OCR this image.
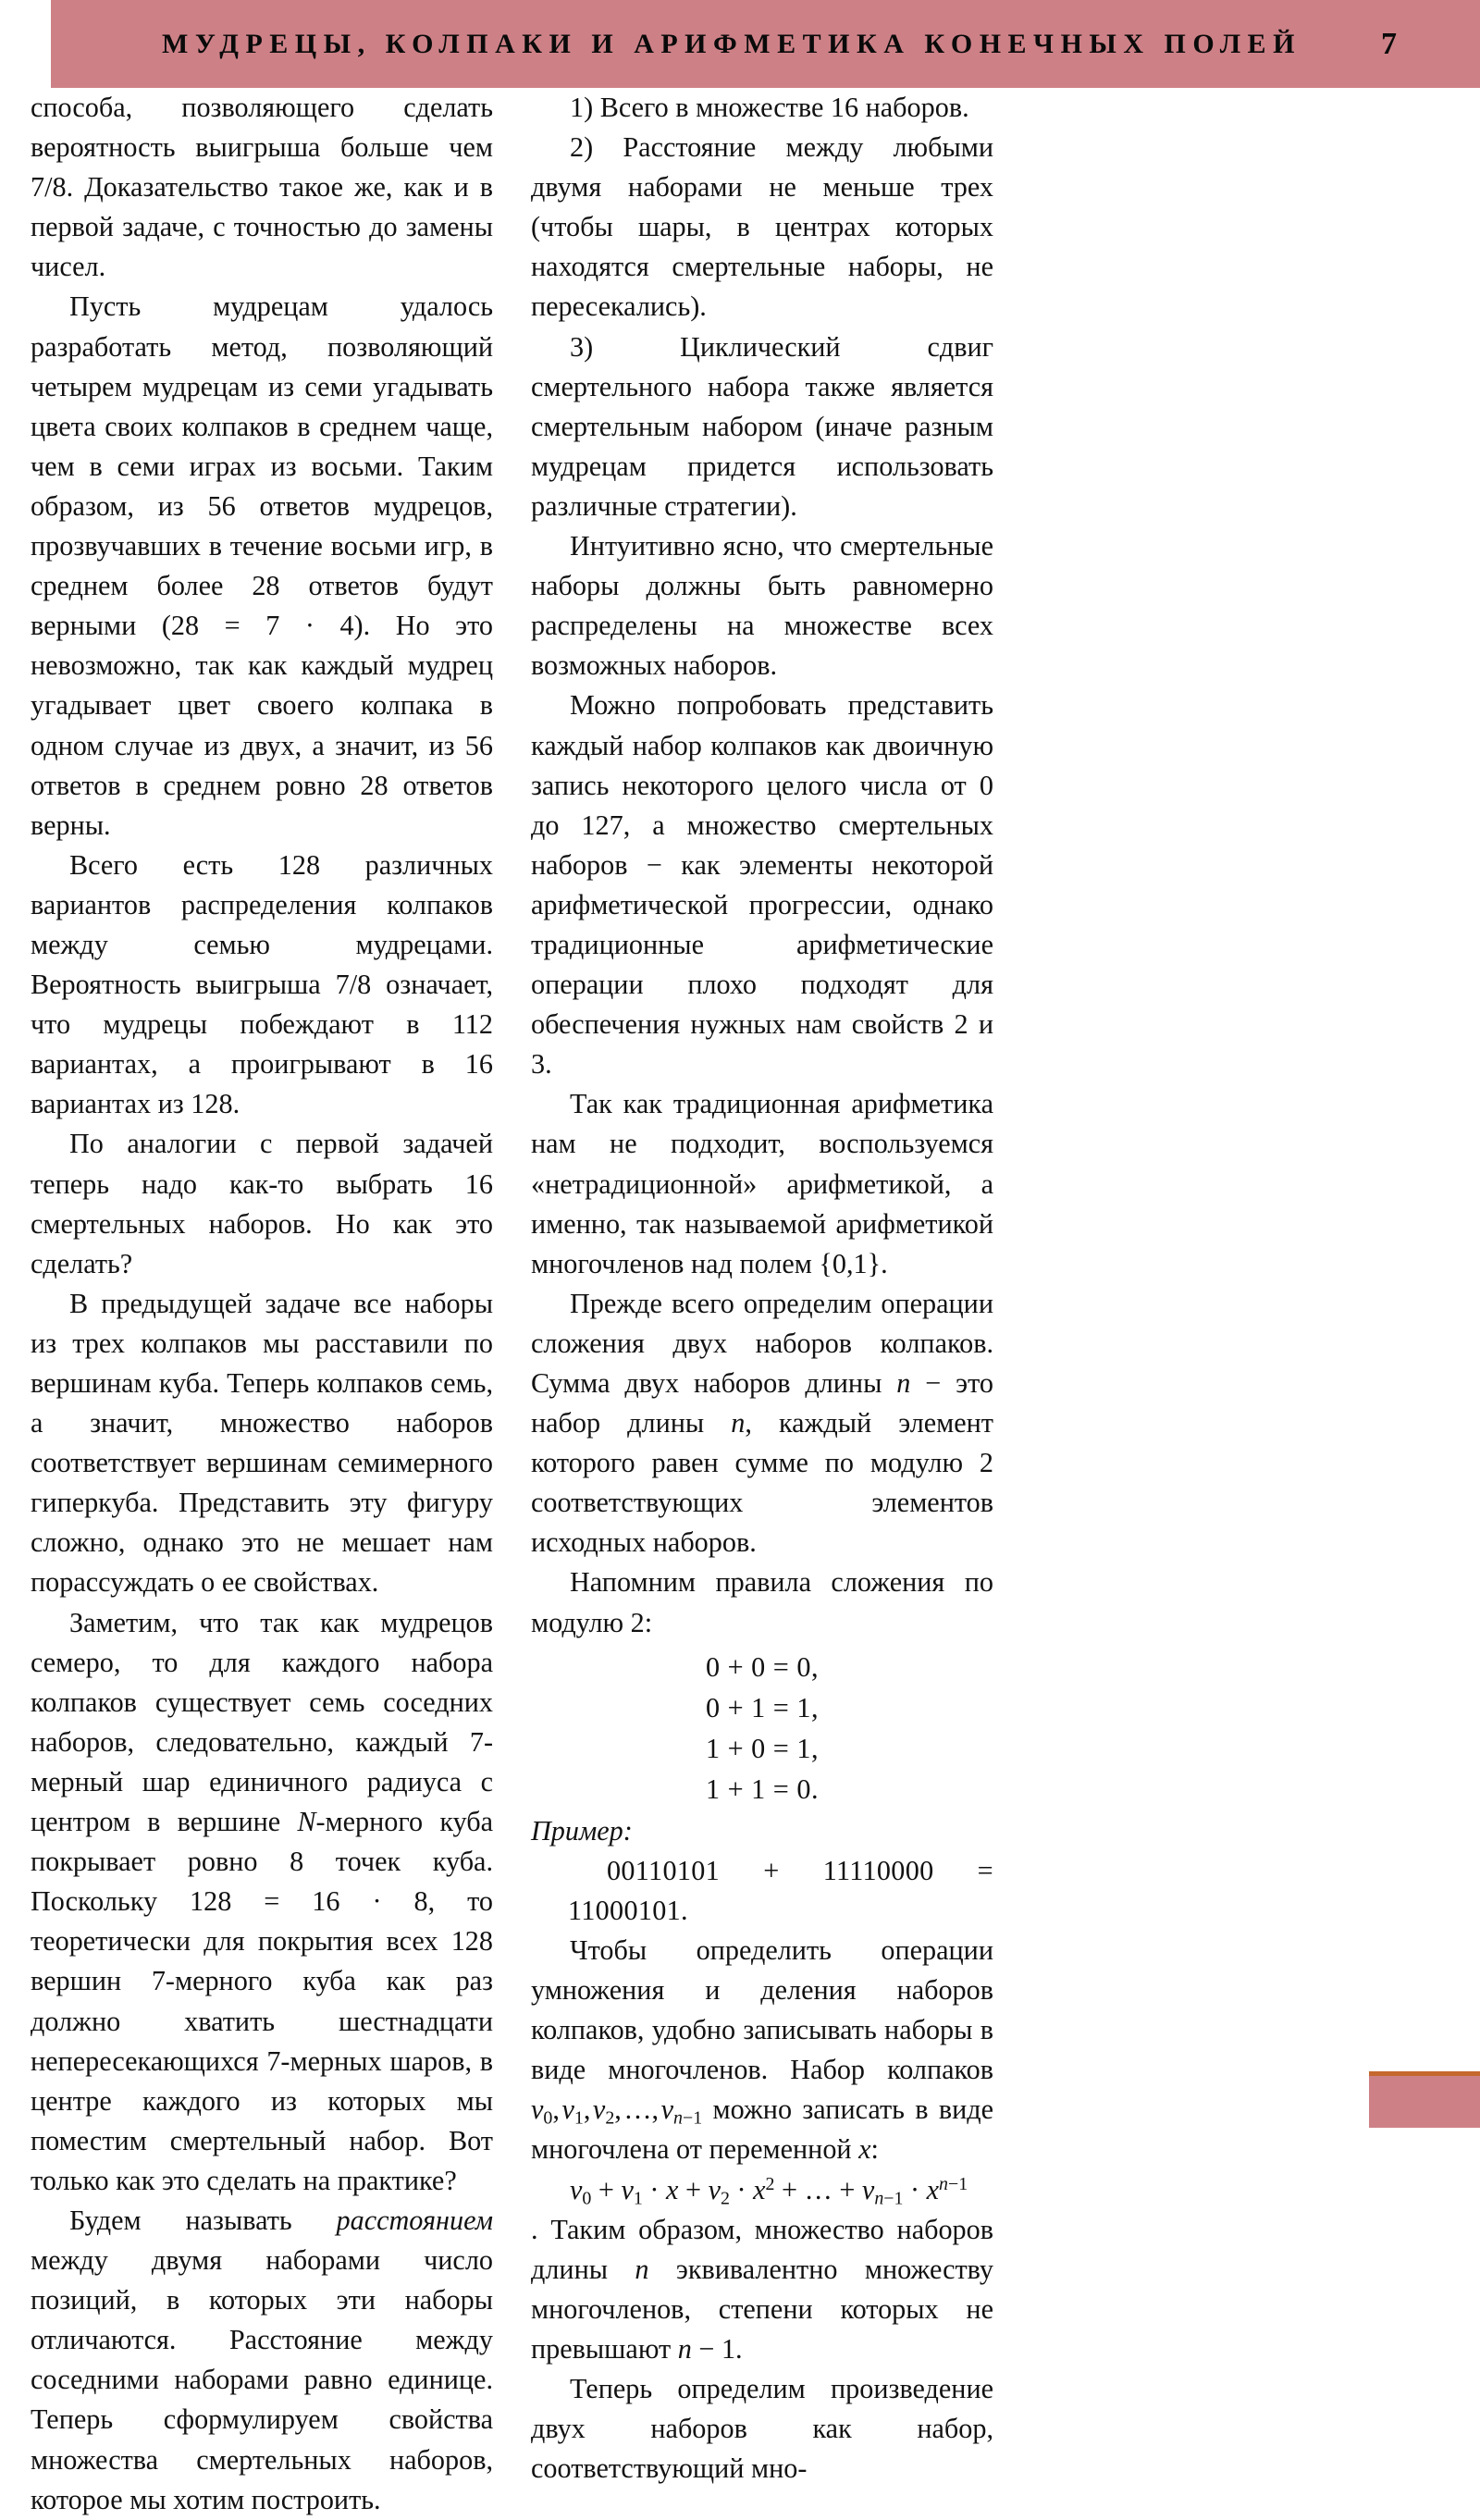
МУДРЕЦЫ, КОЛПАКИ И АРИФМЕТИКА КОНЕЧНЫХ ПОЛЕЙ	7

способа, позволяющего сделать вероятность выигрыша больше чем 7/8. Доказательство такое же, как и в первой задаче, с точностью до замены чисел.

Пусть мудрецам удалось разработать метод, позволяющий четырем мудрецам из семи угадывать цвета своих колпаков в среднем чаще, чем в семи играх из восьми. Таким образом, из 56 ответов мудрецов, прозвучавших в течение восьми игр, в среднем более 28 ответов будут верными (28 = 7 · 4). Но это невозможно, так как каждый мудрец угадывает цвет своего колпака в одном случае из двух, а значит, из 56 ответов в среднем ровно 28 ответов верны.

Всего есть 128 различных вариантов распределения колпаков между семью мудрецами. Вероятность выигрыша 7/8 означает, что мудрецы побеждают в 112 вариантах, а проигрывают в 16 вариантах из 128.

По аналогии с первой задачей теперь надо как-то выбрать 16 смертельных наборов. Но как это сделать?

В предыдущей задаче все наборы из трех колпаков мы расставили по вершинам куба. Теперь колпаков семь, а значит, множество наборов соответствует вершинам семимерного гиперкуба. Представить эту фигуру сложно, однако это не мешает нам порассуждать о ее свойствах.

Заметим, что так как мудрецов семеро, то для каждого набора колпаков существует семь соседних наборов, следовательно, каждый 7-мерный шар единичного радиуса с центром в вершине N-мерного куба покрывает ровно 8 точек куба. Поскольку 128 = 16 · 8, то теоретически для покрытия всех 128 вершин 7-мерного куба как раз должно хватить шестнадцати непересекающихся 7-мерных шаров, в центре каждого из которых мы поместим смертельный набор. Вот только как это сделать на практике?

Будем называть расстоянием между двумя наборами число позиций, в которых эти наборы отличаются. Расстояние между соседними наборами равно единице. Теперь сформулируем свойства множества смертельных наборов, которое мы хотим построить.

1) Всего в множестве 16 наборов.

2) Расстояние между любыми двумя наборами не меньше трех (чтобы шары, в центрах которых находятся смертельные наборы, не пересекались).

3)	Циклический сдвиг смертельного набора также является смертельным набором (иначе разным мудрецам придется использовать различные стратегии).

Интуитивно ясно, что смертельные наборы должны быть равномерно распределены на множестве всех возможных наборов.

Можно попробовать представить каждый набор колпаков как двоичную запись некоторого целого числа от 0 до 127, а множество смертельных наборов − как элементы некоторой арифметической прогрессии, однако традиционные арифметические операции плохо подходят для обеспечения нужных нам свойств 2 и 3.

Так как традиционная арифметика нам не подходит, воспользуемся «нетрадиционной» арифметикой, а именно, так называемой арифметикой многочленов над полем {0,1}.

Прежде всего определим операции сложения двух наборов колпаков. Сумма двух наборов длины n − это набор длины n, каждый элемент которого равен сумме по модулю 2 соответствующих элементов исходных наборов.

Напомним правила сложения по модулю 2:

0 + 0 = 0,
0 + 1 = 1,
1 + 0 = 1,
1 + 1 = 0.

Пример:

00110101 + 11110000 = 11000101.

Чтобы определить операции умножения и деления наборов колпаков, удобно записывать наборы в виде многочленов. Набор колпаков $v_0$, $v_1$, $v_2$, …, $v_{n-1}$ можно записать в виде многочлена от переменной x:

$v_0 + v_1 \cdot x + v_2 \cdot x^2$ + … + $v_{n-1} \cdot x^{n-1}$

. Таким образом, множество наборов длины n эквивалентно множеству многочленов, степени которых не превышают n − 1.

Теперь определим произведение двух наборов как набор, соответствующий мно-
